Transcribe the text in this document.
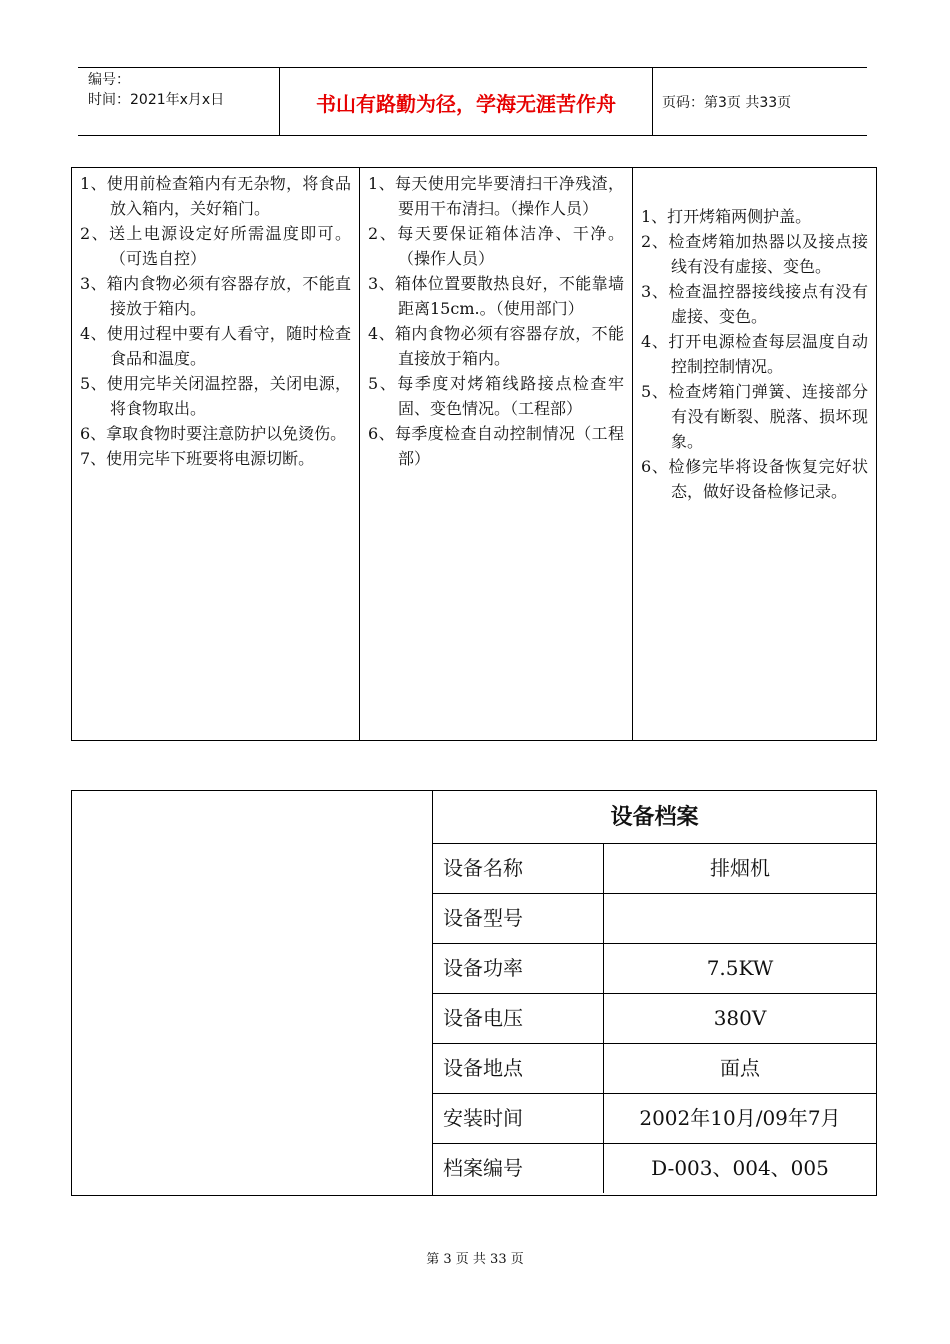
编号：
时间：2021年x月x日	书山有路勤为径，学海无涯苦作舟	页码：第3页 共33页
1、使用前检查箱内有无杂物，将食品放入箱内，关好箱门。
2、送上电源设定好所需温度即可。（可选自控）
3、箱内食物必须有容器存放，不能直接放于箱内。
4、使用过程中要有人看守，随时检查食品和温度。
5、使用完毕关闭温控器，关闭电源，将食物取出。
6、拿取食物时要注意防护以免烫伤。
7、使用完毕下班要将电源切断。
1、每天使用完毕要清扫干净残渣，要用干布清扫。（操作人员）
2、每天要保证箱体洁净、干净。（操作人员）
3、箱体位置要散热良好，不能靠墙距离15cm.。（使用部门）
4、箱内食物必须有容器存放，不能直接放于箱内。
5、每季度对烤箱线路接点检查牢固、变色情况。（工程部）
6、每季度检查自动控制情况（工程部）
1、打开烤箱两侧护盖。
2、检查烤箱加热器以及接点接线有没有虚接、变色。
3、检查温控器接线接点有没有虚接、变色。
4、打开电源检查每层温度自动控制控制情况。
5、检查烤箱门弹簧、连接部分有没有断裂、脱落、损坏现象。
6、检修完毕将设备恢复完好状态，做好设备检修记录。
设备档案
设备名称	排烟机
设备型号
设备功率	7.5KW
设备电压	380V
设备地点	面点
安装时间	2002年10月/09年7月
档案编号	D-003、004、005
第 3 页 共 33 页
